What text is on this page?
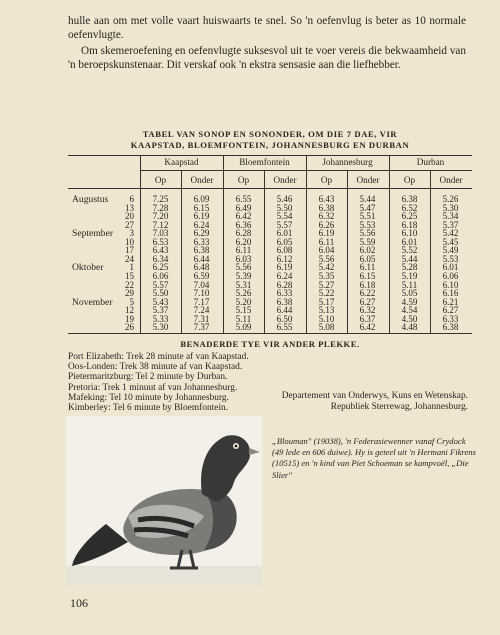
hulle aan om met volle vaart huiswaarts te snel. So 'n oefenvlug is beter as 10 normale oefenvlugte.

Om skemeroefening en oefenvlugte suksesvol uit te voer vereis die bekwaamheid van 'n beroepskunstenaar. Dit verskaf ook 'n ekstra sensasie aan die liefhebber.

TABEL VAN SONOP EN SONONDER, OM DIE 7 DAE, VIR
KAAPSTAD, BLOEMFONTEIN, JOHANNESBURG EN DURBAN
Kaapstad	Bloemfontein	Johannesburg	Durban
Op	Onder	Op	Onder	Op	Onder	Op	Onder
Augustus	6	7.25	6.09	6.55	5.46	6.43	5.44	6.38	5.26
13	7.28	6.15	6.49	5.50	6.38	5.47	6.52	5.30
20	7.20	6.19	6.42	5.54	6.32	5.51	6.25	5.34
27	7.12	6.24	6.36	5.57	6.26	5.53	6.18	5.37
September	3	7.03	6.29	6.28	6.01	6.19	5.56	6.10	5.42
10	6.53	6.33	6.20	6.05	6.11	5.59	6.01	5.45
17	6.43	6.38	6.11	6.08	6.04	6.02	5.52	5.49
24	6.34	6.44	6.03	6.12	5.56	6.05	5.44	5.53
Oktober	1	6.25	6.48	5.56	6.19	5.42	6.11	5.28	6.01
15	6.06	6.59	5.39	6.24	5.35	6.15	5.19	6.06
22	5.57	7.04	5.31	6.28	5.27	6.18	5.11	6.10
29	5.50	7.10	5.26	6.33	5.22	6.22	5.05	6.16
November	5	5.43	7.17	5.20	6.38	5.17	6.27	4.59	6.21
12	5.37	7.24	5.15	6.44	5.13	6.32	4.54	6.27
19	5.33	7.31	5.11	6.50	5.10	6.37	4.50	6.33
26	5.30	7.37	5.09	6.55	5.08	6.42	4.48	6.38
BENADERDE TYE VIR ANDER PLEKKE.
Port Elizabeth: Trek 28 minute af van Kaapstad.
Oos-Londen: Trek 38 minute af van Kaapstad.
Pietermaritzburg: Tel 2 minute by Durban.
Pretoria: Trek 1 minuut af van Johannesburg.
Mafeking: Tel 10 minute by Johannesburg.
Kimberley: Tel 6 minute by Bloemfontein.
Departement van Onderwys, Kuns en Wetenskap.
Republiek Sterrewag, Johannesburg.
„Blouman" (19038), 'n Federasiewenner vanaf Crydock
(49 lede en 606 duiwe). Hy is geteel uit 'n Hermani Fikrens
(10515) en 'n kind van Piet Schoeman se kampvoël, „Die
Slier"
106
